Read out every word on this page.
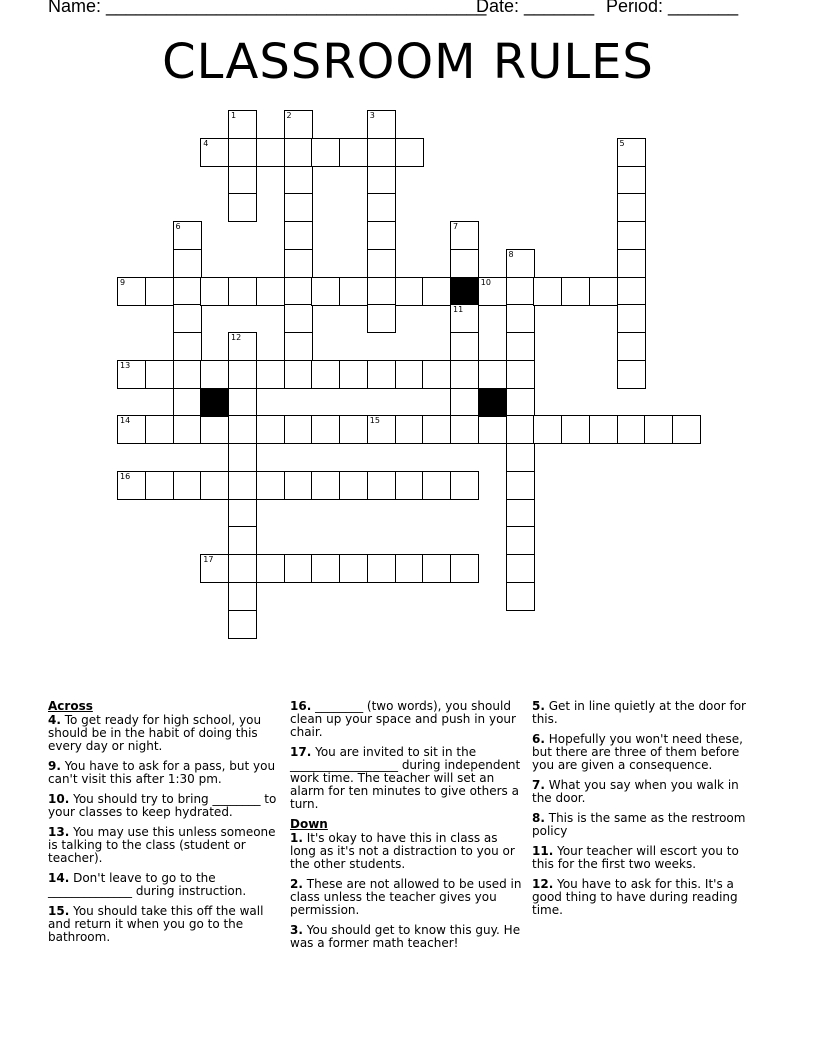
Name: ______________________________________
Date: _______ Period: _______
CLASSROOM RULES
1	2	3
4	5
6	7
11
8
9	10
12
13
14	15
16
17
Across
4. To get ready for high school, you should be in the habit of doing this every day or night.
9. You have to ask for a pass, but you can't visit this after 1:30 pm.
10. You should try to bring ________ to your classes to keep hydrated.
13. You may use this unless someone is talking to the class (student or teacher).
14. Don't leave to go to the ______________ during instruction.
15. You should take this off the wall and return it when you go to the bathroom.
16. ________ (two words), you should clean up your space and push in your chair.
17. You are invited to sit in the __________________ during independent work time. The teacher will set an alarm for ten minutes to give others a turn.
Down
1. It's okay to have this in class as long as it's not a distraction to you or the other students.
2. These are not allowed to be used in class unless the teacher gives you permission.
3. You should get to know this guy. He was a former math teacher!
5. Get in line quietly at the door for this.
6. Hopefully you won't need these, but there are three of them before you are given a consequence.
7. What you say when you walk in the door.
8. This is the same as the restroom policy
11. Your teacher will escort you to this for the first two weeks.
12. You have to ask for this. It's a good thing to have during reading time.
